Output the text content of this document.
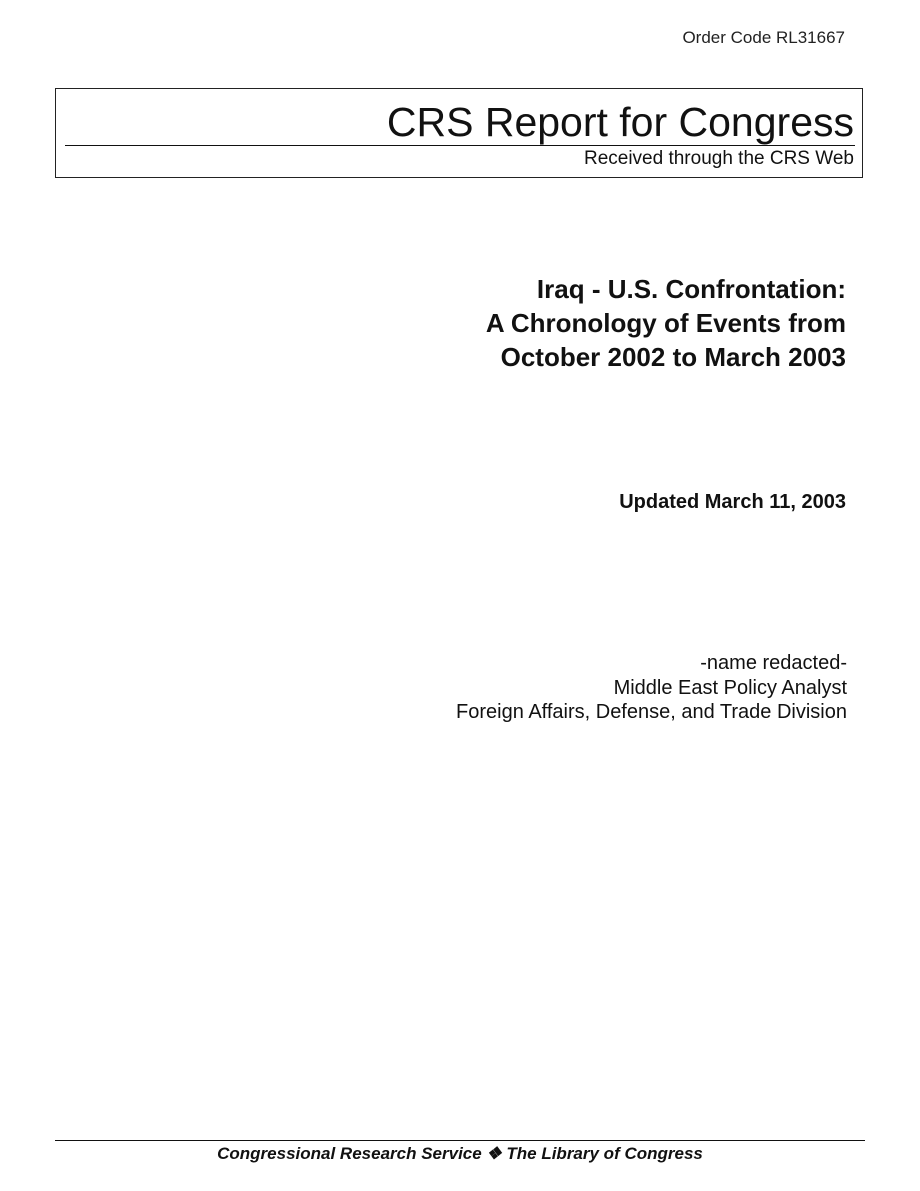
Order Code RL31667
CRS Report for Congress
Received through the CRS Web
Iraq - U.S. Confrontation:
A Chronology of Events from
October 2002 to March 2003
Updated March 11, 2003
-name redacted-
Middle East Policy Analyst
Foreign Affairs, Defense, and Trade Division
Congressional Research Service ❖ The Library of Congress
